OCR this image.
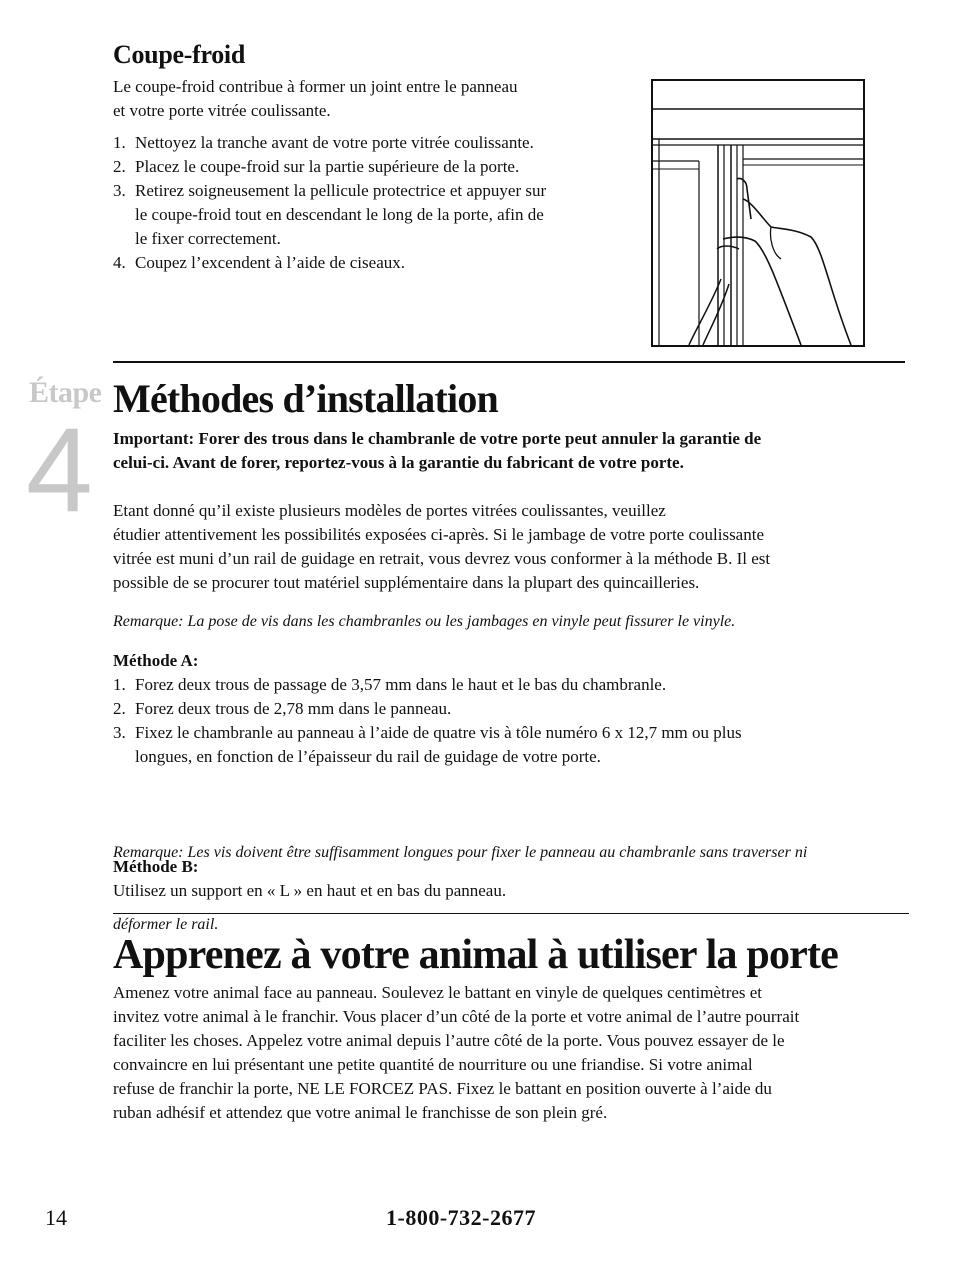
Coupe-froid
Le coupe-froid contribue à former un joint entre le panneau
et votre porte vitrée coulissante.
1. Nettoyez la tranche avant de votre porte vitrée coulissante.
2. Placez le coupe-froid sur la partie supérieure de la porte.
3. Retirez soigneusement la pellicule protectrice et appuyer sur
le coupe-froid tout en descendant le long de la porte, afin de
le fixer correctement.
4. Coupez l’excendent à l’aide de ciseaux.
Étape
4
Méthodes d’installation
Important: Forer des trous dans le chambranle de votre porte peut annuler la garantie de
celui-ci. Avant de forer, reportez-vous à la garantie du fabricant de votre porte.
Etant donné qu’il existe plusieurs modèles de portes vitrées coulissantes, veuillez
étudier attentivement les possibilités exposées ci-après. Si le jambage de votre porte coulissante
vitrée est muni d’un rail de guidage en retrait, vous devrez vous conformer à la méthode B. Il est
possible de se procurer tout matériel supplémentaire dans la plupart des quincailleries.
Remarque: La pose de vis dans les chambranles ou les jambages en vinyle peut fissurer le vinyle.
Méthode A:
1. Forez deux trous de passage de 3,57 mm dans le haut et le bas du chambranle.
2. Forez deux trous de 2,78 mm dans le panneau.
3. Fixez le chambranle au panneau à l’aide de quatre vis à tôle numéro 6 x 12,7 mm ou plus
longues, en fonction de l’épaisseur du rail de guidage de votre porte.

Remarque: Les vis doivent être suffisamment longues pour fixer le panneau au chambranle sans traverser ni

déformer le rail.

Méthode B:
Utilisez un support en « L » en haut et en bas du panneau.
Apprenez à votre animal à utiliser la porte
Amenez votre animal face au panneau. Soulevez le battant en vinyle de quelques centimètres et
invitez votre animal à le franchir. Vous placer d’un côté de la porte et votre animal de l’autre pourrait
faciliter les choses. Appelez votre animal depuis l’autre côté de la porte. Vous pouvez essayer de le
convaincre en lui présentant une petite quantité de nourriture ou une friandise. Si votre animal
refuse de franchir la porte, NE LE FORCEZ PAS. Fixez le battant en position ouverte à l’aide du
ruban adhésif et attendez que votre animal le franchisse de son plein gré.
14	1-800-732-2677
